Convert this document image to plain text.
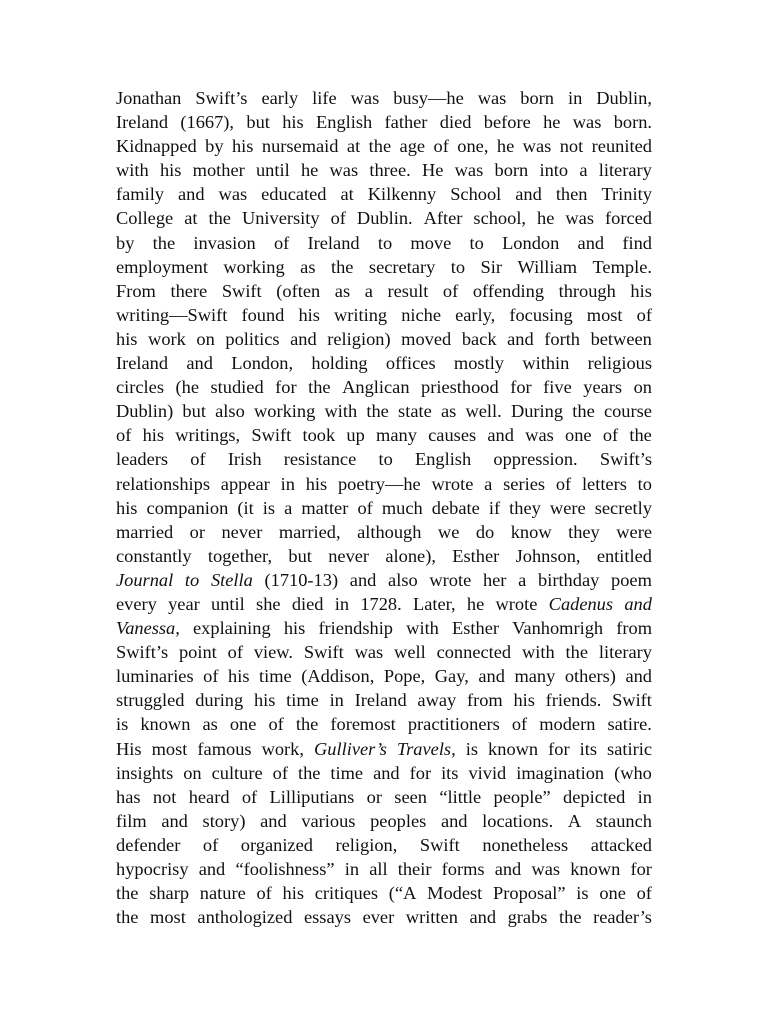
Jonathan Swift’s early life was busy—he was born in Dublin,
Ireland (1667), but his English father died before he was born.
Kidnapped by his nursemaid at the age of one, he was not reunited
with his mother until he was three. He was born into a literary
family and was educated at Kilkenny School and then Trinity
College at the University of Dublin. After school, he was forced
by the invasion of Ireland to move to London and find
employment working as the secretary to Sir William Temple.
From there Swift (often as a result of offending through his
writing—Swift found his writing niche early, focusing most of
his work on politics and religion) moved back and forth between
Ireland and London, holding offices mostly within religious
circles (he studied for the Anglican priesthood for five years on
Dublin) but also working with the state as well. During the course
of his writings, Swift took up many causes and was one of the
leaders of Irish resistance to English oppression. Swift’s
relationships appear in his poetry—he wrote a series of letters to
his companion (it is a matter of much debate if they were secretly
married or never married, although we do know they were
constantly together, but never alone), Esther Johnson, entitled
Journal to Stella (1710-13) and also wrote her a birthday poem
every year until she died in 1728. Later, he wrote Cadenus and
Vanessa, explaining his friendship with Esther Vanhomrigh from
Swift’s point of view. Swift was well connected with the literary
luminaries of his time (Addison, Pope, Gay, and many others) and
struggled during his time in Ireland away from his friends. Swift
is known as one of the foremost practitioners of modern satire.
His most famous work, Gulliver’s Travels, is known for its satiric
insights on culture of the time and for its vivid imagination (who
has not heard of Lilliputians or seen “little people” depicted in
film and story) and various peoples and locations. A staunch
defender of organized religion, Swift nonetheless attacked
hypocrisy and “foolishness” in all their forms and was known for
the sharp nature of his critiques (“A Modest Proposal” is one of
the most anthologized essays ever written and grabs the reader’s
